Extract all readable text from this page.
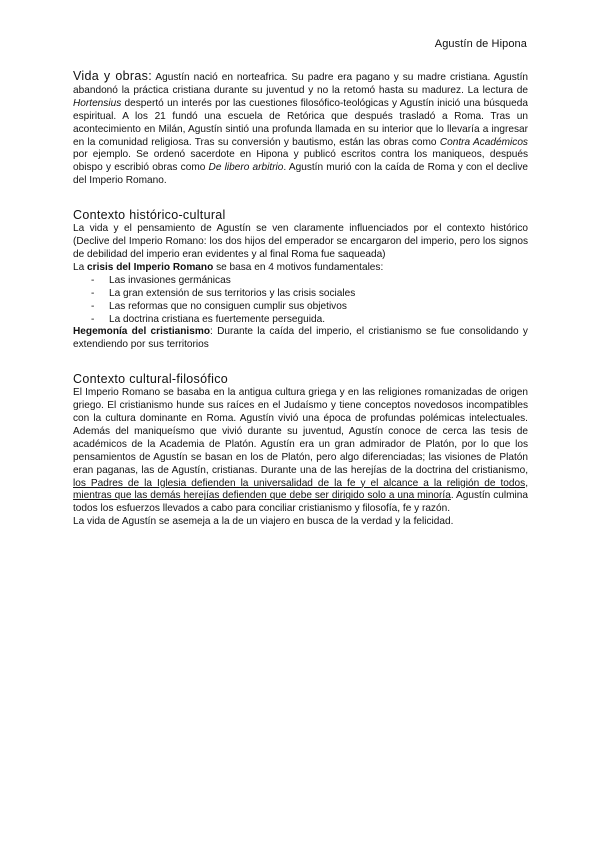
Agustín de Hipona

Vida y obras: Agustín nació en norteafrica. Su padre era pagano y su madre cristiana. Agustín abandonó la práctica cristiana durante su juventud y no la retomó hasta su madurez. La lectura de Hortensius despertó un interés por las cuestiones filosófico-teológicas y Agustín inició una búsqueda espiritual. A los 21 fundó una escuela de Retórica que después trasladó a Roma. Tras un acontecimiento en Milán, Agustín sintió una profunda llamada en su interior que lo llevaría a ingresar en la comunidad religiosa. Tras su conversión y bautismo, están las obras como Contra Académicos por ejemplo. Se ordenó sacerdote en Hipona y publicó escritos contra los maniqueos, después obispo y escribió obras como De libero arbitrio. Agustín murió con la caída de Roma y con el declive del Imperio Romano.

Contexto histórico-cultural

La vida y el pensamiento de Agustín se ven claramente influenciados por el contexto histórico (Declive del Imperio Romano: los dos hijos del emperador se encargaron del imperio, pero los signos de debilidad del imperio eran evidentes y al final Roma fue saqueada)

La crisis del Imperio Romano se basa en 4 motivos fundamentales:

- Las invasiones germánicas
- La gran extensión de sus territorios y las crisis sociales
- Las reformas que no consiguen cumplir sus objetivos
- La doctrina cristiana es fuertemente perseguida.

Hegemonía del cristianismo: Durante la caída del imperio, el cristianismo se fue consolidando y extendiendo por sus territorios

Contexto cultural-filosófico

El Imperio Romano se basaba en la antigua cultura griega y en las religiones romanizadas de origen griego. El cristianismo hunde sus raíces en el Judaísmo y tiene conceptos novedosos incompatibles con la cultura dominante en Roma. Agustín vivió una época de profundas polémicas intelectuales. Además del maniqueísmo que vivió durante su juventud, Agustín conoce de cerca las tesis de académicos de la Academia de Platón. Agustín era un gran admirador de Platón, por lo que los pensamientos de Agustín se basan en los de Platón, pero algo diferenciadas; las visiones de Platón eran paganas, las de Agustín, cristianas. Durante una de las herejías de la doctrina del cristianismo, los Padres de la Iglesia defienden la universalidad de la fe y el alcance a la religión de todos, mientras que las demás herejías defienden que debe ser dirigido solo a una minoría. Agustín culmina todos los esfuerzos llevados a cabo para conciliar cristianismo y filosofía, fe y razón.

La vida de Agustín se asemeja a la de un viajero en busca de la verdad y la felicidad.
